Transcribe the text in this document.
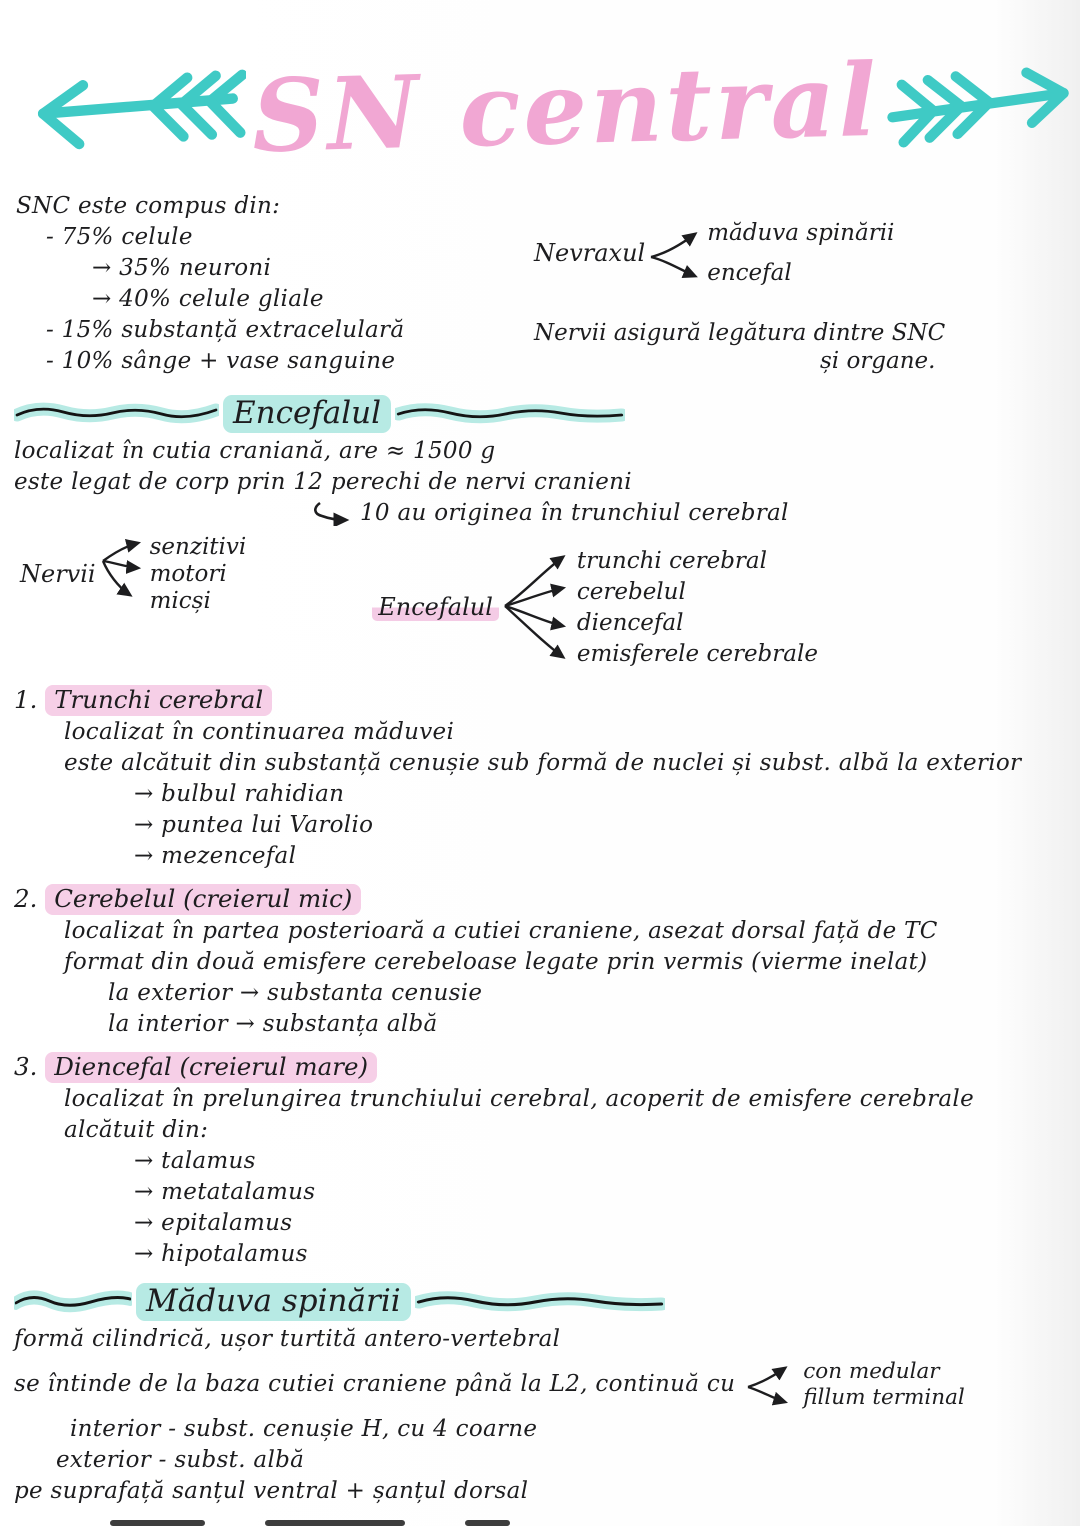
SN central

SNC este compus din:

- 75% celule

→ 35% neuroni

→ 40% celule gliale

- 15% substanță extracelulară

- 10% sânge + vase sanguine

Nevraxul
măduva spinării
encefal
Nervii asigură legătura dintre SNC
și organe.
Encefalul

localizat în cutia craniană, are ≈ 1500 g

este legat de corp prin 12 perechi de nervi cranieni

10 au originea în trunchiul cerebral
Nervii
senzitivi
motori
micși	Encefalul
trunchi cerebral
cerebelul
diencefal
emisferele cerebrale
1. Trunchi cerebral

localizat în continuarea măduvei

este alcătuit din substanță cenușie sub formă de nuclei și subst. albă la exterior

→ bulbul rahidian

→ puntea lui Varolio

→ mezencefal

2. Cerebelul (creierul mic)

localizat în partea posterioară a cutiei craniene, asezat dorsal față de TC

format din două emisfere cerebeloase legate prin vermis (vierme inelat)

la exterior → substanta cenusie

la interior → substanța albă

3. Diencefal (creierul mare)

localizat în prelungirea trunchiului cerebral, acoperit de emisfere cerebrale

alcătuit din:

→ talamus

→ metatalamus

→ epitalamus

→ hipotalamus

Măduva spinării

formă cilindrică, ușor turtită antero-vertebral

se întinde de la baza cutiei craniene până la L2, continuă cu	con medular
fillum terminal

interior - subst. cenușie H, cu 4 coarne

exterior - subst. albă

pe suprafață sanțul ventral + șanțul dorsal
